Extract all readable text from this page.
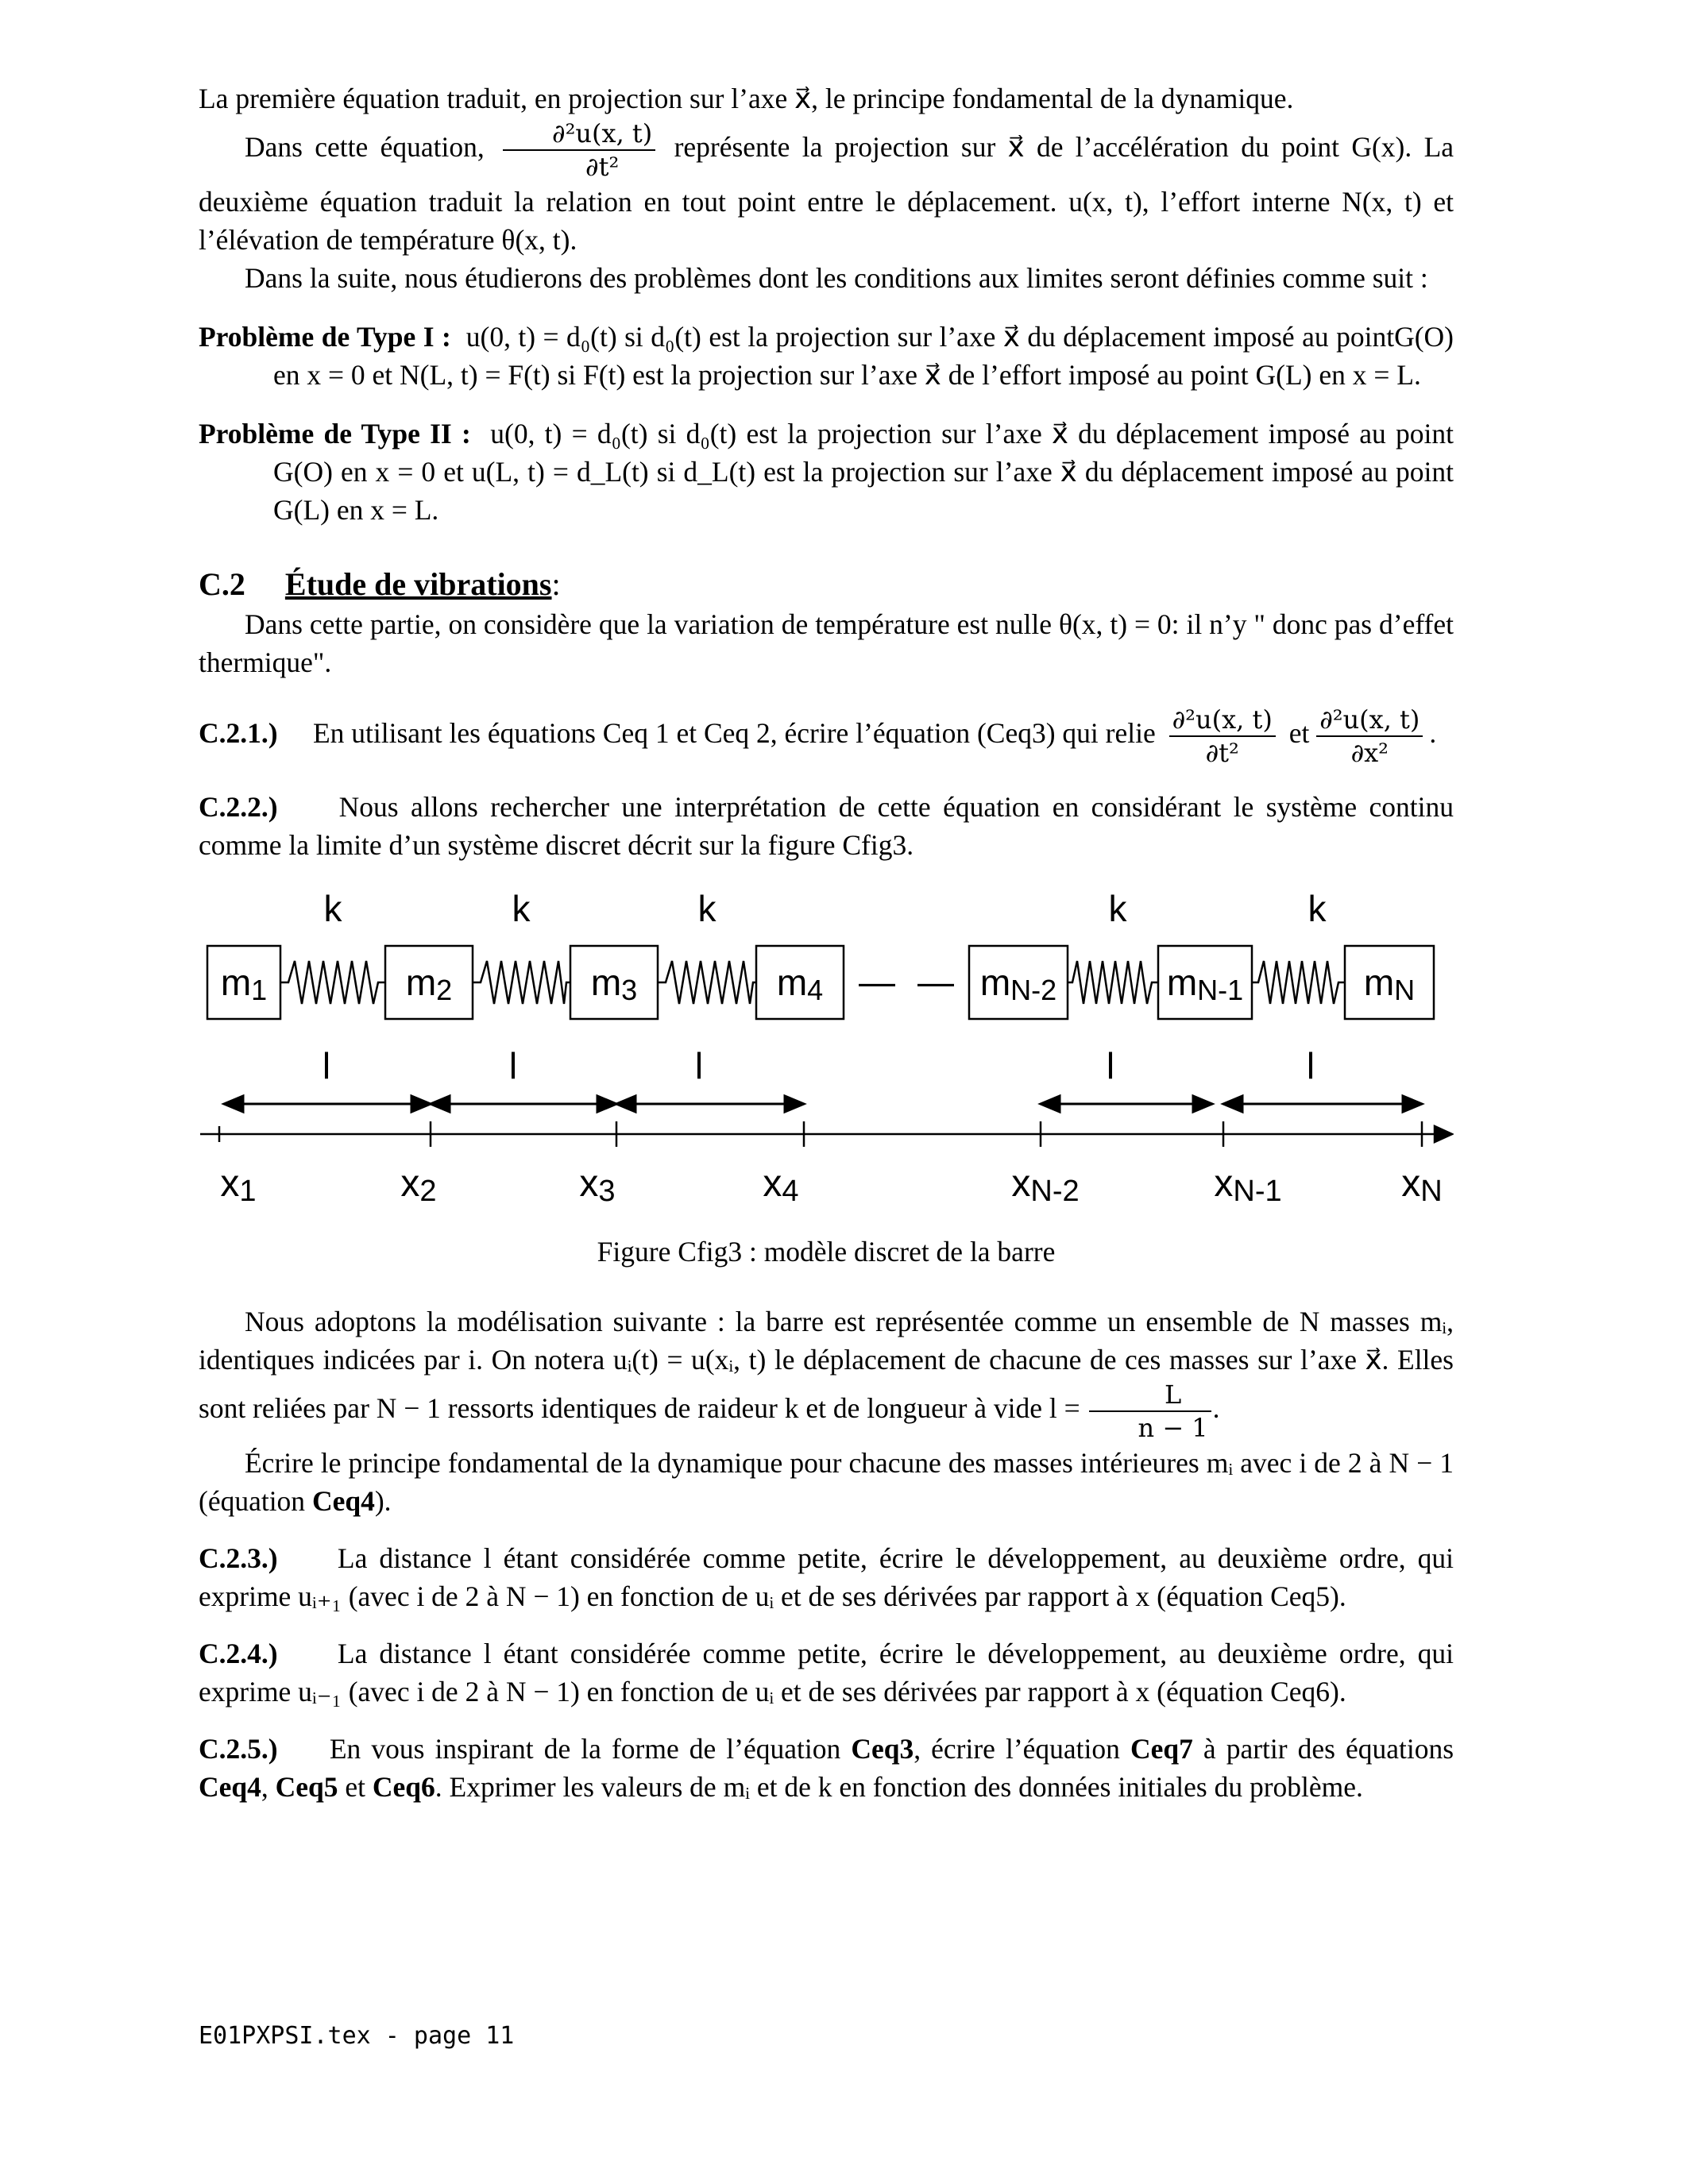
La première équation traduit, en projection sur l’axe x⃗, le principe fondamental de la dynamique.

Dans cette équation, $\frac{\text{∂²u(x, t)}}{\text{∂t²}}$ représente la projection sur x⃗ de l’accélération du point G(x). La deuxième équation traduit la relation en tout point entre le déplacement. u(x, t), l’effort interne N(x, t) et l’élévation de température θ(x, t).

Dans la suite, nous étudierons des problèmes dont les conditions aux limites seront définies comme suit :

Problème de Type I : u(0, t) = d₀(t) si d₀(t) est la projection sur l’axe x⃗ du déplacement imposé au pointG(O) en x = 0 et N(L, t) = F(t) si F(t) est la projection sur l’axe x⃗ de l’effort imposé au point G(L) en x = L.

Problème de Type II : u(0, t) = d₀(t) si d₀(t) est la projection sur l’axe x⃗ du déplacement imposé au point G(O) en x = 0 et u(L, t) = d_L(t) si d_L(t) est la projection sur l’axe x⃗ du déplacement imposé au point G(L) en x = L.

C.2 Étude de vibrations:

Dans cette partie, on considère que la variation de température est nulle θ(x, t) = 0: il n’y " donc pas d’effet thermique".

C.2.1.) En utilisant les équations Ceq 1 et Ceq 2, écrire l’équation (Ceq3) qui relie $\frac{\text{∂²u(x, t)}}{\text{∂t²}}$ et $\frac{\text{∂²u(x, t)}}{\text{∂x²}}$ .

C.2.2.) Nous allons rechercher une interprétation de cette équation en considérant le système continu comme la limite d’un système discret décrit sur la figure Cfig3.

k	k	k	k	k
m1	m2	m3	m4	mN-2	mN-1	mN
— —
l	l	l	l	l
x1	x2	x3	x4	xN-2	xN-1	xN

Figure Cfig3 : modèle discret de la barre

Nous adoptons la modélisation suivante : la barre est représentée comme un ensemble de N masses mᵢ, identiques indicées par i. On notera uᵢ(t) = u(xᵢ, t) le déplacement de chacune de ces masses sur l’axe x⃗. Elles sont reliées par N − 1 ressorts identiques de raideur k et de longueur à vide $l = \frac{L}{n - 1}$ .

Écrire le principe fondamental de la dynamique pour chacune des masses intérieures mᵢ avec i de 2 à N − 1 (équation Ceq4).

C.2.3.) La distance l étant considérée comme petite, écrire le développement, au deuxième ordre, qui exprime uᵢ₊₁ (avec i de 2 à N − 1) en fonction de uᵢ et de ses dérivées par rapport à x (équation Ceq5).

C.2.4.) La distance l étant considérée comme petite, écrire le développement, au deuxième ordre, qui exprime uᵢ₋₁ (avec i de 2 à N − 1) en fonction de uᵢ et de ses dérivées par rapport à x (équation Ceq6).

C.2.5.) En vous inspirant de la forme de l’équation Ceq3, écrire l’équation Ceq7 à partir des équations Ceq4, Ceq5 et Ceq6. Exprimer les valeurs de mᵢ et de k en fonction des données initiales du problème.

E01PXPSI.tex - page 11
